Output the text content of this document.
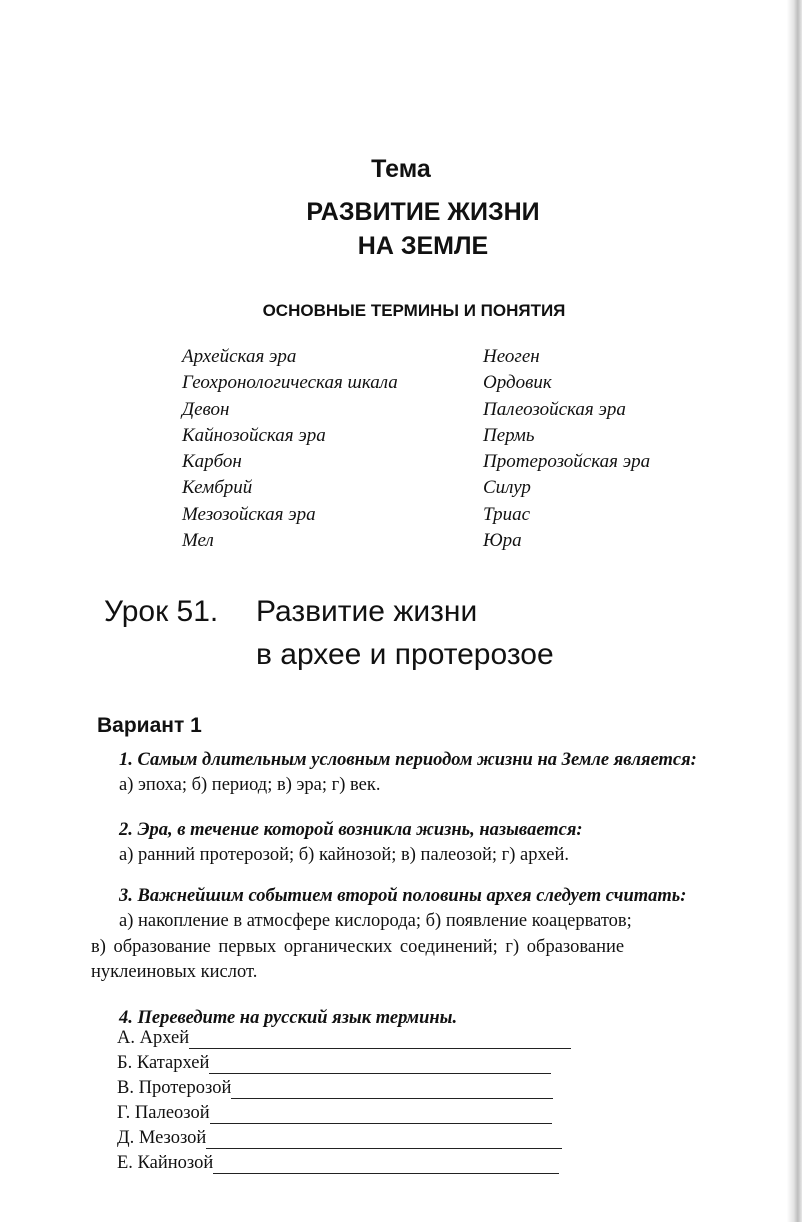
Тема
РАЗВИТИЕ ЖИЗНИ
НА ЗЕМЛЕ
ОСНОВНЫЕ ТЕРМИНЫ И ПОНЯТИЯ
Архейская эра
Геохронологическая шкала
Девон
Кайнозойская эра
Карбон
Кембрий
Мезозойская эра
Мел
Неоген
Ордовик
Палеозойская эра
Пермь
Протерозойская эра
Силур
Триас
Юра
Урок 51. Развитие жизни
в архее и протерозое
Вариант 1
1. Самым длительным условным периодом жизни на Земле является:
а) эпоха; б) период; в) эра; г) век.
2. Эра, в течение которой возникла жизнь, называется:
а) ранний протерозой; б) кайнозой; в) палеозой; г) архей.
3. Важнейшим событием второй половины архея следует считать:
а) накопление в атмосфере кислорода; б) появление коацерватов;
в) образование первых органических соединений; г) образование
нуклеиновых кислот.
4. Переведите на русский язык термины.
А. Архей
Б. Катархей
В. Протерозой
Г. Палеозой
Д. Мезозой
Е. Кайнозой
